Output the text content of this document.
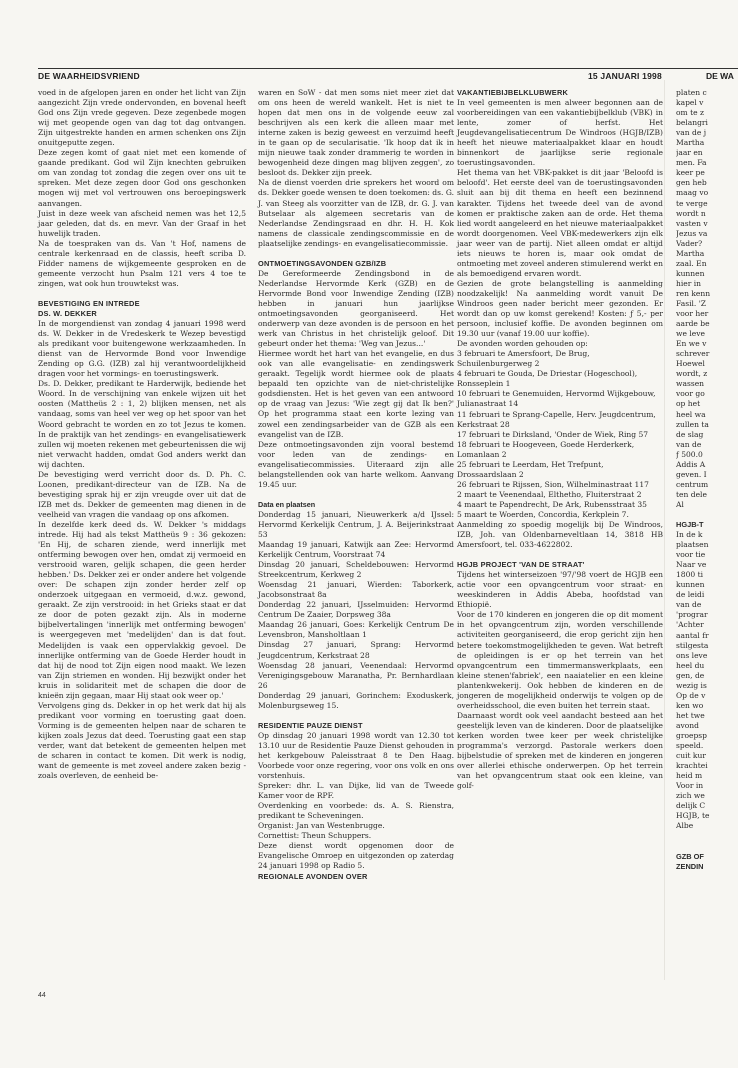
DE WAARHEIDSVRIEND	15 JANUARI 1998	DE WA

voed in de afgelopen jaren en onder het licht van Zijn aangezicht Zijn vrede ondervonden, en bovenal heeft God ons Zijn vrede gegeven. Deze zegenbede mogen wij met geopende ogen van dag tot dag ontvangen. Zijn uitgestrekte handen en armen schenken ons Zijn onuitgeputte zegen.

Deze zegen komt of gaat niet met een komende of gaande predikant. God wil Zijn knechten gebruiken om van zondag tot zondag die zegen over ons uit te spreken. Met deze zegen door God ons geschonken mogen wij met vol vertrouwen ons beroepingswerk aanvangen.

Juist in deze week van afscheid nemen was het 12,5 jaar geleden, dat ds. en mevr. Van der Graaf in het huwelijk traden.

Na de toespraken van ds. Van 't Hof, namens de centrale kerkenraad en de classis, heeft scriba D. Fidder namens de wijkgemeente gesproken en de gemeente verzocht hun Psalm 121 vers 4 toe te zingen, wat ook hun trouwtekst was.

BEVESTIGING EN INTREDE
DS. W. DEKKER

In de morgendienst van zondag 4 januari 1998 werd ds. W. Dekker in de Vredeskerk te Wezep bevestigd als predikant voor buitengewone werkzaamheden. In dienst van de Hervormde Bond voor Inwendige Zending op G.G. (IZB) zal hij verantwoordelijkheid dragen voor het vormings- en toerustingswerk.

Ds. D. Dekker, predikant te Harderwijk, bediende het Woord. In de verschijning van enkele wijzen uit het oosten (Mattheüs 2 : 1, 2) blijken mensen, net als vandaag, soms van heel ver weg op het spoor van het Woord gebracht te worden en zo tot Jezus te komen. In de praktijk van het zendings- en evangelisatiewerk zullen wij moeten rekenen met gebeurtenissen die wij niet verwacht hadden, omdat God anders werkt dan wij dachten.

De bevestiging werd verricht door ds. D. Ph. C. Loonen, predikant-directeur van de IZB. Na de bevestiging sprak hij er zijn vreugde over uit dat de IZB met ds. Dekker de gemeenten mag dienen in de veelheid van vragen die vandaag op ons afkomen.

In dezelfde kerk deed ds. W. Dekker 's middags intrede. Hij had als tekst Mattheüs 9 : 36 gekozen: 'En Hij, de scharen ziende, werd innerlijk met ontferming bewogen over hen, omdat zij vermoeid en verstrooid waren, gelijk schapen, die geen herder hebben.' Ds. Dekker zei er onder andere het volgende over: De schapen zijn zonder herder zelf op onderzoek uitgegaan en vermoeid, d.w.z. gewond, geraakt. Ze zijn verstrooid: in het Grieks staat er dat ze door de poten gezakt zijn. Als in moderne bijbelvertalingen 'innerlijk met ontferming bewogen' is weergegeven met 'medelijden' dan is dat fout. Medelijden is vaak een oppervlakkig gevoel. De innerlijke ontferming van de Goede Herder houdt in dat hij de nood tot Zijn eigen nood maakt. We lezen van Zijn striemen en wonden. Hij bezwijkt onder het kruis in solidariteit met de schapen die door de knieën zijn gegaan, maar Hij staat ook weer op.'

Vervolgens ging ds. Dekker in op het werk dat hij als predikant voor vorming en toerusting gaat doen. Vorming is de gemeenten helpen naar de scharen te kijken zoals Jezus dat deed. Toerusting gaat een stap verder, want dat betekent de gemeenten helpen met de scharen in contact te komen. Dit werk is nodig, want de gemeente is met zoveel andere zaken bezig - zoals overleven, de eenheid be-

waren en SoW - dat men soms niet meer ziet dat om ons heen de wereld wankelt. Het is niet te hopen dat men ons in de volgende eeuw zal beschrijven als een kerk die alleen maar met interne zaken is bezig geweest en verzuimd heeft in te gaan op de secularisatie. 'Ik hoop dat ik in mijn nieuwe taak zonder drammerig te worden in bewogenheid deze dingen mag blijven zeggen', zo besloot ds. Dekker zijn preek.

Na de dienst voerden drie sprekers het woord om ds. Dekker goede wensen te doen toekomen: ds. G. J. van Steeg als voorzitter van de IZB, dr. G. J. van Butselaar als algemeen secretaris van de Nederlandse Zendingsraad en dhr. H. H. Kok namens de classicale zendingscommissie en de plaatselijke zendings- en evangelisatiecommissie.

ONTMOETINGSAVONDEN GZB/IZB

De Gereformeerde Zendingsbond in de Nederlandse Hervormde Kerk (GZB) en de Hervormde Bond voor Inwendige Zending (IZB) hebben in januari hun jaarlijkse ontmoetingsavonden georganiseerd. Het onderwerp van deze avonden is de persoon en het werk van Christus in het christelijk geloof. Dit gebeurt onder het thema: 'Weg van Jezus...'

Hiermee wordt het hart van het evangelie, en dus ook van alle evangelisatie- en zendingswerk geraakt. Tegelijk wordt hiermee ook de plaats bepaald ten opzichte van de niet-christelijke godsdiensten. Het is het geven van een antwoord op de vraag van Jezus: 'Wie zegt gij dat Ik ben?' Op het programma staat een korte lezing van zowel een zendingsarbeider van de GZB als een evangelist van de IZB.

Deze ontmoetingsavonden zijn vooral bestemd voor leden van de zendings- en evangelisatiecommissies. Uiteraard zijn alle belangstellenden ook van harte welkom. Aanvang 19.45 uur.

Data en plaatsen

Donderdag 15 januari, Nieuwerkerk a/d IJssel: Hervormd Kerkelijk Centrum, J. A. Beijerinkstraat 53

Maandag 19 januari, Katwijk aan Zee: Hervormd Kerkelijk Centrum, Voorstraat 74

Dinsdag 20 januari, Scheldebouwen: Hervormd Streekcentrum, Kerkweg 2

Woensdag 21 januari, Wierden: Taborkerk, Jacobsonstraat 8a

Donderdag 22 januari, IJsselmuiden: Hervormd Centrum De Zaaier, Dorpsweg 38a

Maandag 26 januari, Goes: Kerkelijk Centrum De Levensbron, Mansholtlaan 1

Dinsdag 27 januari, Sprang: Hervormd Jeugdcentrum, Kerkstraat 28

Woensdag 28 januari, Veenendaal: Hervormd Verenigingsgebouw Maranatha, Pr. Bernhardlaan 26

Donderdag 29 januari, Gorinchem: Exoduskerk, Molenburgseweg 15.

RESIDENTIE PAUZE DIENST

Op dinsdag 20 januari 1998 wordt van 12.30 tot 13.10 uur de Residentie Pauze Dienst gehouden in het kerkgebouw Paleisstraat 8 te Den Haag. Voorbede voor onze regering, voor ons volk en ons vorstenhuis.

Spreker: dhr. L. van Dijke, lid van de Tweede Kamer voor de RPF.

Overdenking en voorbede: ds. A. S. Rienstra, predikant te Scheveningen.

Organist: Jan van Westenbrugge.

Cornettist: Theun Schuppers.

Deze dienst wordt opgenomen door de Evangelische Omroep en uitgezonden op zaterdag 24 januari 1998 op Radio 5.

REGIONALE AVONDEN OVER
VAKANTIEBIJBELKLUBWERK

In veel gemeenten is men alweer begonnen aan de voorbereidingen van een vakantiebijbelklub (VBK) in lente, zomer of herfst. Het Jeugdevangelisatiecentrum De Windroos (HGJB/IZB) heeft het nieuwe materiaalpakket klaar en houdt binnenkort de jaarlijkse serie regionale toerustingsavonden.

Het thema van het VBK-pakket is dit jaar 'Beloofd is beloofd'. Het eerste deel van de toerustingsavonden sluit aan bij dit thema en heeft een bezinnend karakter. Tijdens het tweede deel van de avond komen er praktische zaken aan de orde. Het thema lied wordt aangeleerd en het nieuwe materiaalpakket wordt doorgenomen. Veel VBK-medewerkers zijn elk jaar weer van de partij. Niet alleen omdat er altijd iets nieuws te horen is, maar ook omdat de ontmoeting met zoveel anderen stimulerend werkt en als bemoedigend ervaren wordt.

Gezien de grote belangstelling is aanmelding noodzakelijk! Na aanmelding wordt vanuit De Windroos geen nader bericht meer gezonden. Er wordt dan op uw komst gerekend! Kosten: ƒ 5,- per persoon, inclusief koffie. De avonden beginnen om 19.30 uur (vanaf 19.00 uur koffie).

De avonden worden gehouden op:

3 februari te Amersfoort, De Brug, Schuilenburgerweg 2

4 februari te Gouda, De Driestar (Hogeschool), Ronsseplein 1

10 februari te Genemuiden, Hervormd Wijkgebouw, Julianastraat 14

11 februari te Sprang-Capelle, Herv. Jeugdcentrum, Kerkstraat 28

17 februari te Dirksland, 'Onder de Wiek, Ring 57

18 februari te Hoogeveen, Goede Herderkerk, Lomanlaan 2

25 februari te Leerdam, Het Trefpunt, Drossaardslaan 2

26 februari te Rijssen, Sion, Wilhelminastraat 117

2 maart te Veenendaal, Elthetho, Fluiterstraat 2

4 maart te Papendrecht, De Ark, Rubensstraat 35

5 maart te Woerden, Concordia, Kerkplein 7.

Aanmelding zo spoedig mogelijk bij De Windroos, IZB, Joh. van Oldenbarneveltlaan 14, 3818 HB Amersfoort, tel. 033-4622802.

HGJB PROJECT 'VAN DE STRAAT'

Tijdens het winterseizoen '97/'98 voert de HGJB een actie voor een opvangcentrum voor straat- en weeskinderen in Addis Abeba, hoofdstad van Ethiopië.

Voor de 170 kinderen en jongeren die op dit moment in het opvangcentrum zijn, worden verschillende activiteiten georganiseerd, die erop gericht zijn hen betere toekomstmogelijkheden te geven. Wat betreft de opleidingen is er op het terrein van het opvangcentrum een timmermanswerkplaats, een kleine stenen'fabriek', een naaiatelier en een kleine plantenkwekerij. Ook hebben de kinderen en de jongeren de mogelijkheid onderwijs te volgen op de overheidsschool, die even buiten het terrein staat.

Daarnaast wordt ook veel aandacht besteed aan het geestelijk leven van de kinderen. Door de plaatselijke kerken worden twee keer per week christelijke programma's verzorgd. Pastorale werkers doen bijbelstudie of spreken met de kinderen en jongeren over allerlei ethische onderwerpen. Op het terrein van het opvangcentrum staat ook een kleine, van golf-

platen c
kapel v
om te z
belangri
van de j
Martha
jaar en
men. Fa
keer pe
gen heb
maag vo
te verge
wordt n
vasten v
Jezus va
Vader?
Martha
zaal. En
kunnen
hier in
ren kenn
Fasil. 'Z
voor her
aarde be
we leve
En we v
schrever
Hoewel
wordt, z
wassen
voor go
op het
heel wa
zullen ta
de slag
van de
ƒ 500.0
Addis A
geven. I
centrum
ten dele
Al
HGJB-T
In de k
plaatsen
voor tie
Naar ve
1800 ti
kunnen
de leidi
van de
'prograr
'Achter
aantal fr
stilgesta
ons leve
heel du
gen, de
wezig is
Op de v
ken wo
het twe
avond
groepsp
speeld.
cuit kur
krachtei
heid m
Voor in
zich we
delijk C
HGJB, te
Albe
GZB OF
ZENDIN
44
